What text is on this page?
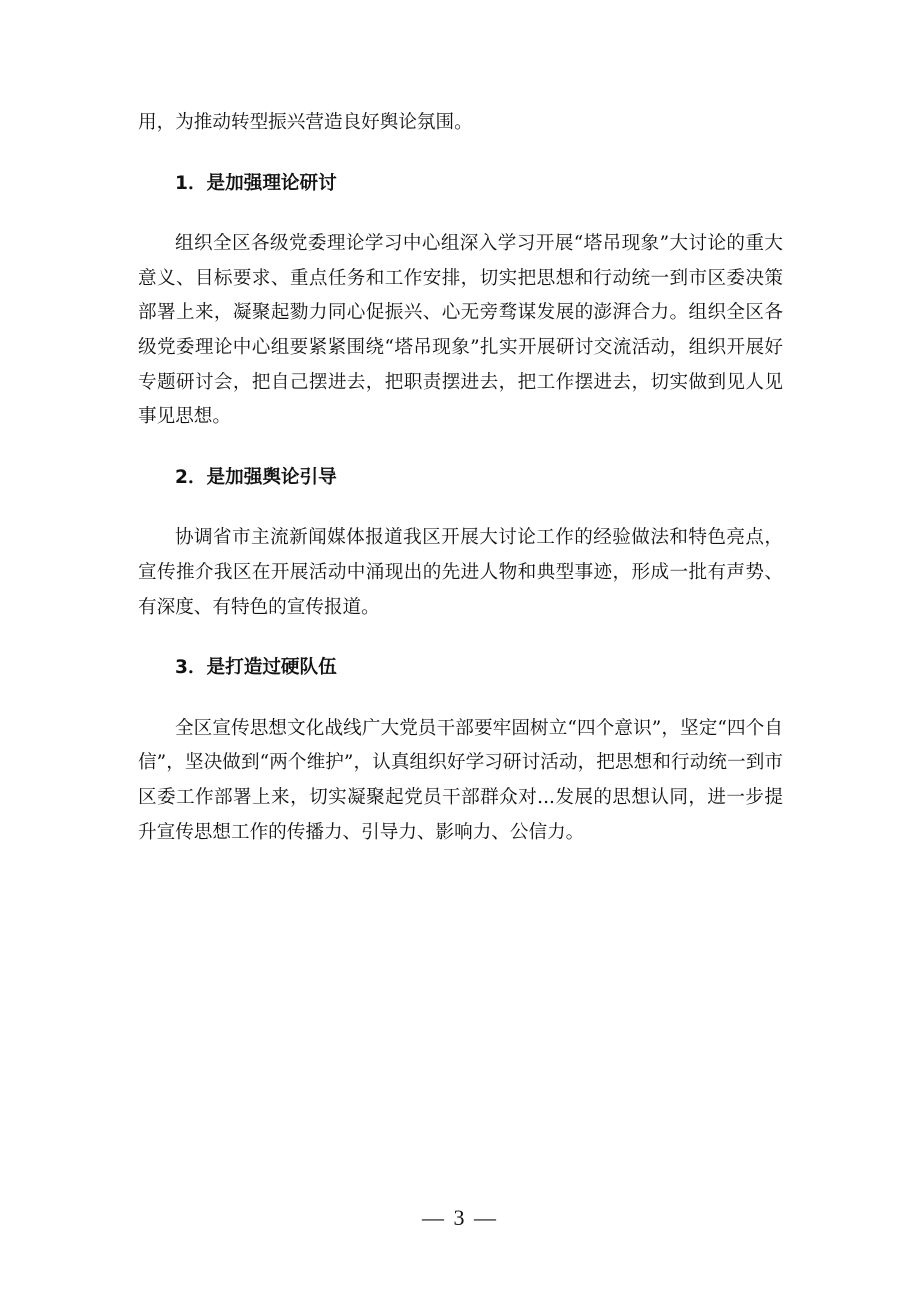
用，为推动转型振兴营造良好舆论氛围。

1．是加强理论研讨

组织全区各级党委理论学习中心组深入学习开展“塔吊现象”大讨论的重大意义、目标要求、重点任务和工作安排，切实把思想和行动统一到市区委决策部署上来，凝聚起勠力同心促振兴、心无旁骛谋发展的澎湃合力。组织全区各级党委理论中心组要紧紧围绕“塔吊现象”扎实开展研讨交流活动，组织开展好专题研讨会，把自己摆进去，把职责摆进去，把工作摆进去，切实做到见人见事见思想。

2．是加强舆论引导

协调省市主流新闻媒体报道我区开展大讨论工作的经验做法和特色亮点，宣传推介我区在开展活动中涌现出的先进人物和典型事迹，形成一批有声势、有深度、有特色的宣传报道。

3．是打造过硬队伍

全区宣传思想文化战线广大党员干部要牢固树立“四个意识”，坚定“四个自信”，坚决做到“两个维护”，认真组织好学习研讨活动，把思想和行动统一到市区委工作部署上来，切实凝聚起党员干部群众对...发展的思想认同，进一步提升宣传思想工作的传播力、引导力、影响力、公信力。

— 3 —
